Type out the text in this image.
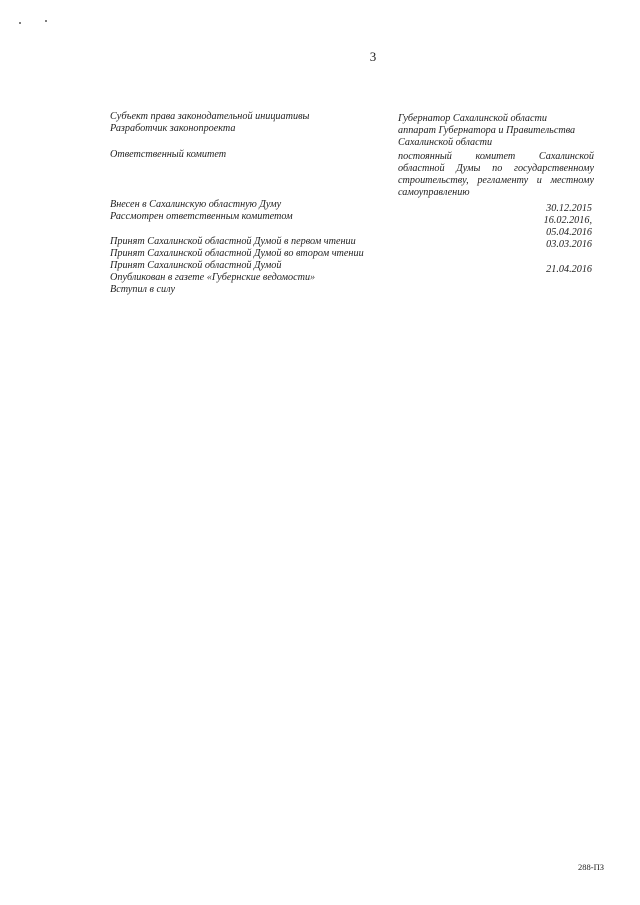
3
Субъект права законодательной инициативы
Разработчик законопроекта
Ответственный комитет
Губернатор Сахалинской области
аппарат Губернатора и Правительства
Сахалинской области
постоянный комитет Сахалинской областной Думы по государственному строительству, регламенту и местному самоуправлению
Внесен в Сахалинскую областную Думу
Рассмотрен ответственным комитетом
Принят Сахалинской областной Думой в первом чтении
Принят Сахалинской областной Думой во втором чтении
Принят Сахалинской областной Думой
Опубликован в газете «Губернские ведомости»
Вступил в силу
30.12.2015
16.02.2016,
05.04.2016
03.03.2016
21.04.2016
288-ПЗ
